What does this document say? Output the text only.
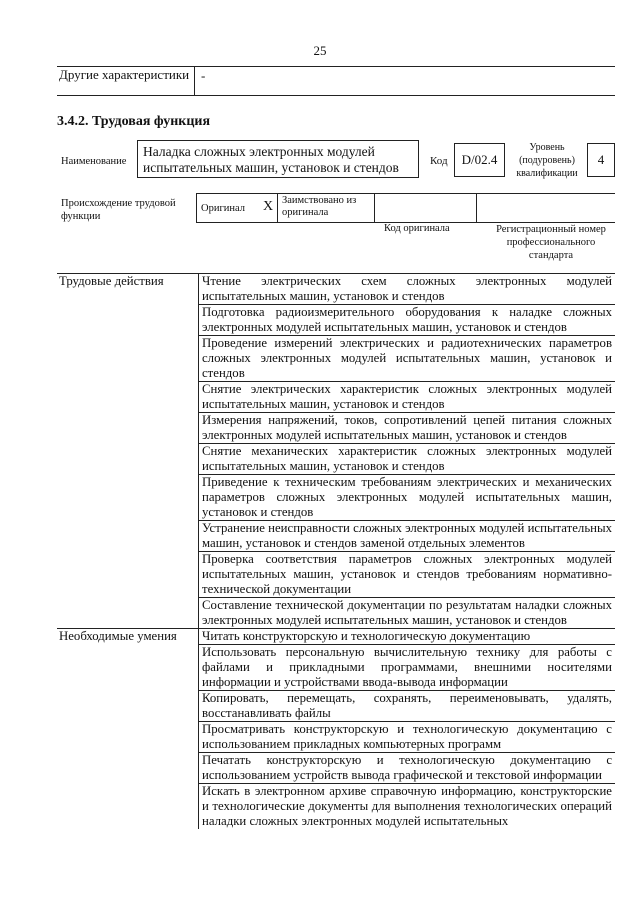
25
Другие характеристики -
3.4.2. Трудовая функция
Наименование
Наладка сложных электронных модулей испытательных машин, установок и стендов	Код	D/02.4
Уровень (подуровень) квалификации
4
Происхождение трудовой функции
Оригинал X Заимствовано из оригинала
Код оригинала	Регистрационный номер профессионального стандарта
Трудовые действия	Чтение электрических схем сложных электронных модулей испытательных машин, установок и стендов
	Подготовка радиоизмерительного оборудования к наладке сложных электронных модулей испытательных машин, установок и стендов
	Проведение измерений электрических и радиотехнических параметров сложных электронных модулей испытательных машин, установок и стендов
	Снятие электрических характеристик сложных электронных модулей испытательных машин, установок и стендов
	Измерения напряжений, токов, сопротивлений цепей питания сложных электронных модулей испытательных машин, установок и стендов
	Снятие механических характеристик сложных электронных модулей испытательных машин, установок и стендов
	Приведение к техническим требованиям электрических и механических параметров сложных электронных модулей испытательных машин, установок и стендов
	Устранение неисправности сложных электронных модулей испытательных машин, установок и стендов заменой отдельных элементов
	Проверка соответствия параметров сложных электронных модулей испытательных машин, установок и стендов требованиям нормативно-технической документации
	Составление технической документации по результатам наладки сложных электронных модулей испытательных машин, установок и стендов
Необходимые умения	Читать конструкторскую и технологическую документацию
	Использовать персональную вычислительную технику для работы с файлами и прикладными программами, внешними носителями информации и устройствами ввода-вывода информации
	Копировать, перемещать, сохранять, переименовывать, удалять, восстанавливать файлы
	Просматривать конструкторскую и технологическую документацию с использованием прикладных компьютерных программ
	Печатать конструкторскую и технологическую документацию с использованием устройств вывода графической и текстовой информации
	Искать в электронном архиве справочную информацию, конструкторские и технологические документы для выполнения технологических операций наладки сложных электронных модулей испытательных
